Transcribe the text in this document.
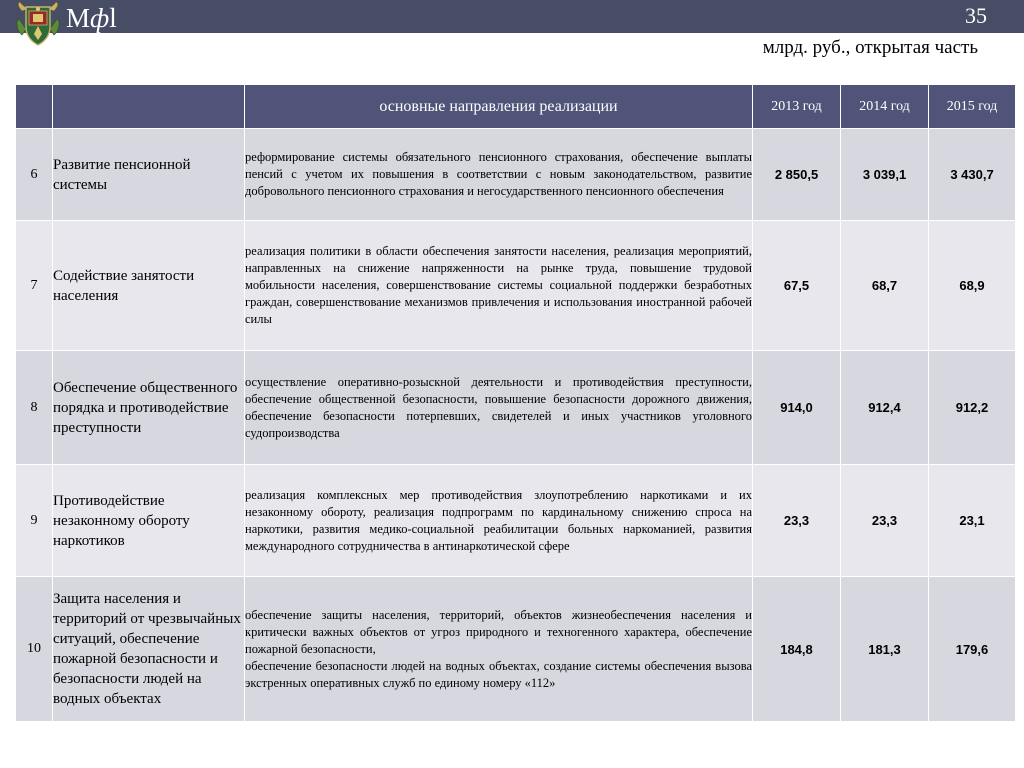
Мфl	35
млрд. руб., открытая часть
		основные направления реализации	2013 год	2014 год	2015 год
6	Развитие пенсионной системы	реформирование системы обязательного пенсионного страхования, обеспечение выплаты пенсий с учетом их повышения в соответствии с новым законодательством, развитие добровольного пенсионного страхования и негосударственного пенсионного обеспечения	2 850,5	3 039,1	3 430,7
7	Содействие занятости населения	реализация политики в области обеспечения занятости населения, реализация мероприятий, направленных на снижение напряженности на рынке труда, повышение трудовой мобильности населения, совершенствование системы социальной поддержки безработных граждан, совершенствование механизмов привлечения и использования иностранной рабочей силы	67,5	68,7	68,9
8	Обеспечение общественного порядка и противодействие преступности	осуществление оперативно-розыскной деятельности и противодействия преступности, обеспечение общественной безопасности, повышение безопасности дорожного движения, обеспечение безопасности потерпевших, свидетелей и иных участников уголовного судопроизводства	914,0	912,4	912,2
9	Противодействие незаконному обороту наркотиков	реализация комплексных мер противодействия злоупотреблению наркотиками и их незаконному обороту, реализация подпрограмм по кардинальному снижению спроса на наркотики, развития медико-социальной реабилитации больных наркоманией, развития международного сотрудничества в антинаркотической сфере	23,3	23,3	23,1
10	Защита населения и территорий от чрезвычайных ситуаций, обеспечение пожарной безопасности и безопасности людей на водных объектах	обеспечение защиты населения, территорий, объектов жизнеобеспечения населения и критически важных объектов от угроз природного и техногенного характера, обеспечение пожарной безопасности,
обеспечение безопасности людей на водных объектах, создание системы обеспечения вызова экстренных оперативных служб по единому номеру «112»	184,8	181,3	179,6
